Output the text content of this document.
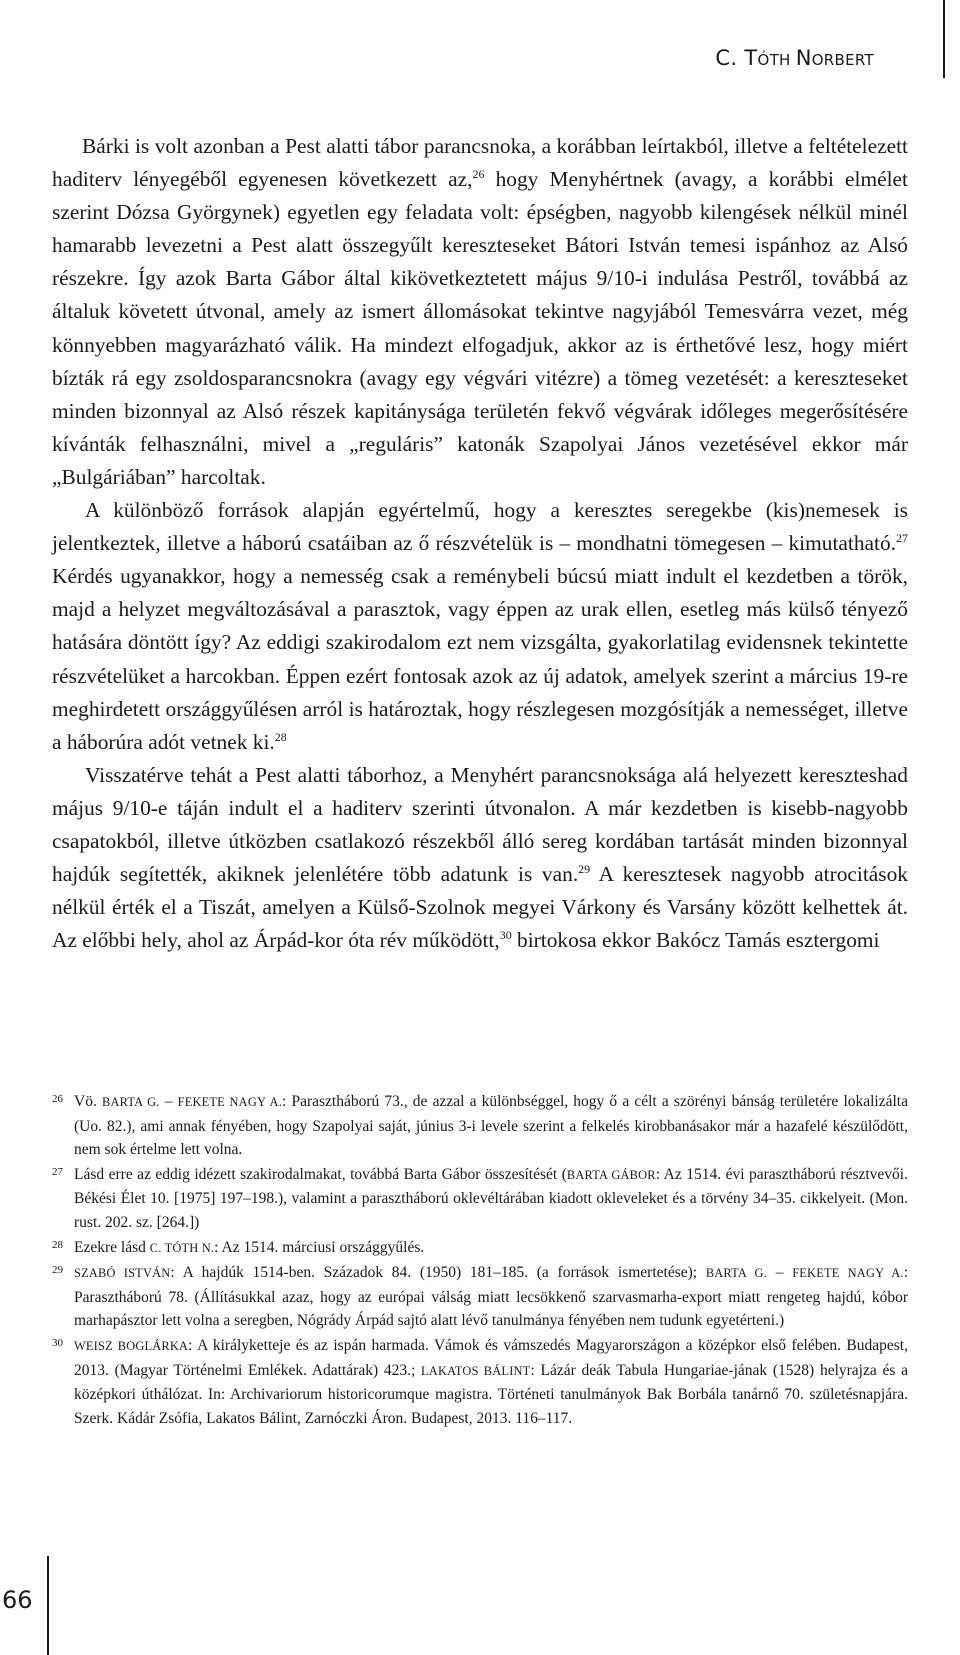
C. TÓTH NORBERT

Bárki is volt azonban a Pest alatti tábor parancsnoka, a korábban leírtakból, illetve a feltételezett haditerv lényegéből egyenesen következett az,$^{26}$ hogy Menyhértnek (avagy, a korábbi elmélet szerint Dózsa Györgynek) egyetlen egy feladata volt: épségben, nagyobb kilengések nélkül minél hamarabb levezetni a Pest alatt összegyűlt kereszteseket Bátori István temesi ispánhoz az Alsó részekre. Így azok Barta Gábor által kikövetkeztetett május 9/10-i indulása Pestről, továbbá az általuk követett útvonal, amely az ismert állomásokat tekintve nagyjából Temesvárra vezet, még könnyebben magyarázható válik. Ha mindezt elfogadjuk, akkor az is érthetővé lesz, hogy miért bízták rá egy zsoldosparancsnokra (avagy egy végvári vitézre) a tömeg vezetését: a kereszteseket minden bizonnyal az Alsó részek kapitánysága területén fekvő végvárak időleges megerősítésére kívánták felhasználni, mivel a „reguláris” katonák Szapolyai János vezetésével ekkor már „Bulgáriában” harcoltak.

A különböző források alapján egyértelmű, hogy a keresztes seregekbe (kis)nemesek is jelentkeztek, illetve a háború csatáiban az ő részvételük is – mondhatni tömegesen – kimutatható.$^{27}$ Kérdés ugyanakkor, hogy a nemesség csak a reménybeli búcsú miatt indult el kezdetben a török, majd a helyzet megváltozásával a parasztok, vagy éppen az urak ellen, esetleg más külső tényező hatására döntött így? Az eddigi szakirodalom ezt nem vizsgálta, gyakorlatilag evidensnek tekintette részvételüket a harcokban. Éppen ezért fontosak azok az új adatok, amelyek szerint a március 19-re meghirdetett országgyűlésen arról is határoztak, hogy részlegesen mozgósítják a nemességet, illetve a háborúra adót vetnek ki.$^{28}$

Visszatérve tehát a Pest alatti táborhoz, a Menyhért parancsnoksága alá helyezett kereszteshad május 9/10-e táján indult el a haditerv szerinti útvonalon. A már kezdetben is kisebb-nagyobb csapatokból, illetve útközben csatlakozó részekből álló sereg kordában tartását minden bizonnyal hajdúk segítették, akiknek jelenlétére több adatunk is van.$^{29}$ A keresztesek nagyobb atrocitások nélkül érték el a Tiszát, amelyen a Külső-Szolnok megyei Várkony és Varsány között kelhettek át. Az előbbi hely, ahol az Árpád-kor óta rév működött,$^{30}$ birtokosa ekkor Bakócz Tamás esztergomi

26 Vö. BARTA G. – FEKETE NAGY A.: Parasztháború 73., de azzal a különbséggel, hogy ő a célt a szörényi bánság területére lokalizálta (Uo. 82.), ami annak fényében, hogy Szapolyai saját, június 3-i levele szerint a felkelés kirobbanásakor már a hazafelé készülődött, nem sok értelme lett volna.
27 Lásd erre az eddig idézett szakirodalmakat, továbbá Barta Gábor összesítését (BARTA GÁBOR: Az 1514. évi parasztháború résztvevői. Békési Élet 10. [1975] 197–198.), valamint a parasztháború oklevéltárában kiadott okleveleket és a törvény 34–35. cikkelyeit. (Mon. rust. 202. sz. [264.])
28 Ezekre lásd C. TÓTH N.: Az 1514. márciusi országgyűlés.
29 SZABÓ ISTVÁN: A hajdúk 1514-ben. Századok 84. (1950) 181–185. (a források ismertetése); BARTA G. – FEKETE NAGY A.: Parasztháború 78. (Állításukkal azaz, hogy az európai válság miatt lecsökkenő szarvasmarha-export miatt rengeteg hajdú, kóbor marhapásztor lett volna a seregben, Nógrády Árpád sajtó alatt lévő tanulmánya fényében nem tudunk egyetérteni.)
30 WEISZ BOGLÁRKA: A királyketteje és az ispán harmada. Vámok és vámszedés Magyarországon a középkor első felében. Budapest, 2013. (Magyar Történelmi Emlékek. Adattárak) 423.; LAKATOS BÁLINT: Lázár deák Tabula Hungariae-jának (1528) helyrajza és a középkori úthálózat. In: Archivariorum historicorumque magistra. Történeti tanulmányok Bak Borbála tanárnő 70. születésnapjára. Szerk. Kádár Zsófia, Lakatos Bálint, Zarnóczki Áron. Budapest, 2013. 116–117.
66
